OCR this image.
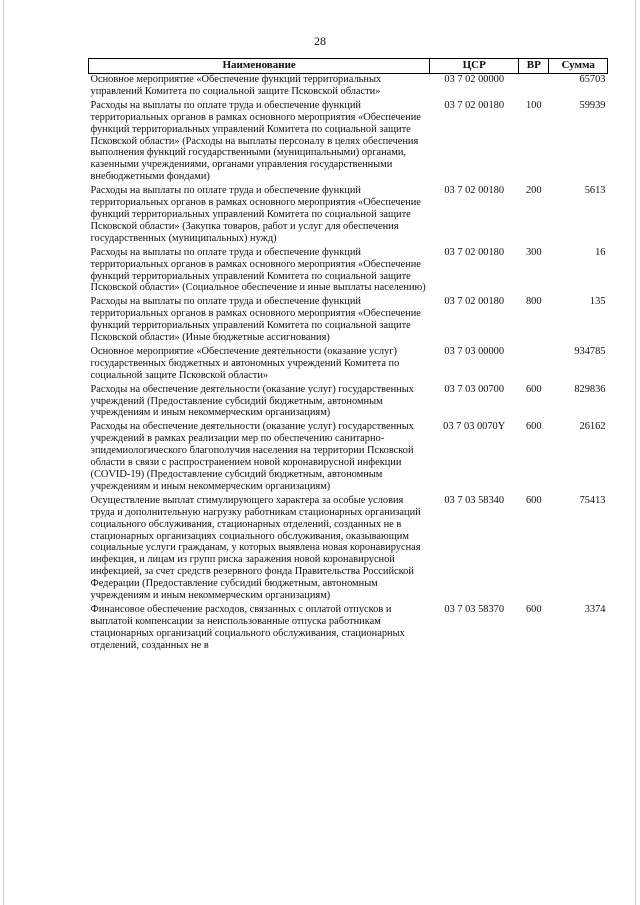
28
Наименование	ЦСР	ВР	Сумма
Основное мероприятие «Обеспечение функций территориальных управлений Комитета по социальной защите Псковской области»	03 7 02 00000		65703
Расходы на выплаты по оплате труда и обеспечение функций территориальных органов в рамках основного мероприятия «Обеспечение функций территориальных управлений Комитета по социальной защите Псковской области» (Расходы на выплаты персоналу в целях обеспечения выполнения функций государственными (муниципальными) органами, казенными учреждениями, органами управления государственными внебюджетными фондами)	03 7 02 00180	100	59939
Расходы на выплаты по оплате труда и обеспечение функций территориальных органов в рамках основного мероприятия «Обеспечение функций территориальных управлений Комитета по социальной защите Псковской области» (Закупка товаров, работ и услуг для обеспечения государственных (муниципальных) нужд)	03 7 02 00180	200	5613
Расходы на выплаты по оплате труда и обеспечение функций территориальных органов в рамках основного мероприятия «Обеспечение функций территориальных управлений Комитета по социальной защите Псковской области» (Социальное обеспечение и иные выплаты населению)	03 7 02 00180	300	16
Расходы на выплаты по оплате труда и обеспечение функций территориальных органов в рамках основного мероприятия «Обеспечение функций территориальных управлений Комитета по социальной защите Псковской области» (Иные бюджетные ассигнования)	03 7 02 00180	800	135
Основное мероприятие «Обеспечение деятельности (оказание услуг) государственных бюджетных и автономных учреждений Комитета по социальной защите Псковской области»	03 7 03 00000		934785
Расходы на обеспечение деятельности (оказание услуг) государственных учреждений (Предоставление субсидий бюджетным, автономным учреждениям и иным некоммерческим организациям)	03 7 03 00700	600	829836
Расходы на обеспечение деятельности (оказание услуг) государственных учреждений в рамках реализации мер по обеспечению санитарно-эпидемиологического благополучия населения на территории Псковской области в связи с распространением новой коронавирусной инфекции (COVID-19) (Предоставление субсидий бюджетным, автономным учреждениям и иным некоммерческим организациям)	03 7 03 0070Y	600	26162
Осуществление выплат стимулирующего характера за особые условия труда и дополнительную нагрузку работникам стационарных организаций социального обслуживания, стационарных отделений, созданных не в стационарных организациях социального обслуживания, оказывающим социальные услуги гражданам, у которых выявлена новая коронавирусная инфекция, и лицам из групп риска заражения новой коронавирусной инфекцией, за счет средств резервного фонда Правительства Российской Федерации (Предоставление субсидий бюджетным, автономным учреждениям и иным некоммерческим организациям)	03 7 03 58340	600	75413
Финансовое обеспечение расходов, связанных с оплатой отпусков и выплатой компенсации за неиспользованные отпуска работникам стационарных организаций социального обслуживания, стационарных отделений, созданных не в	03 7 03 58370	600	3374
